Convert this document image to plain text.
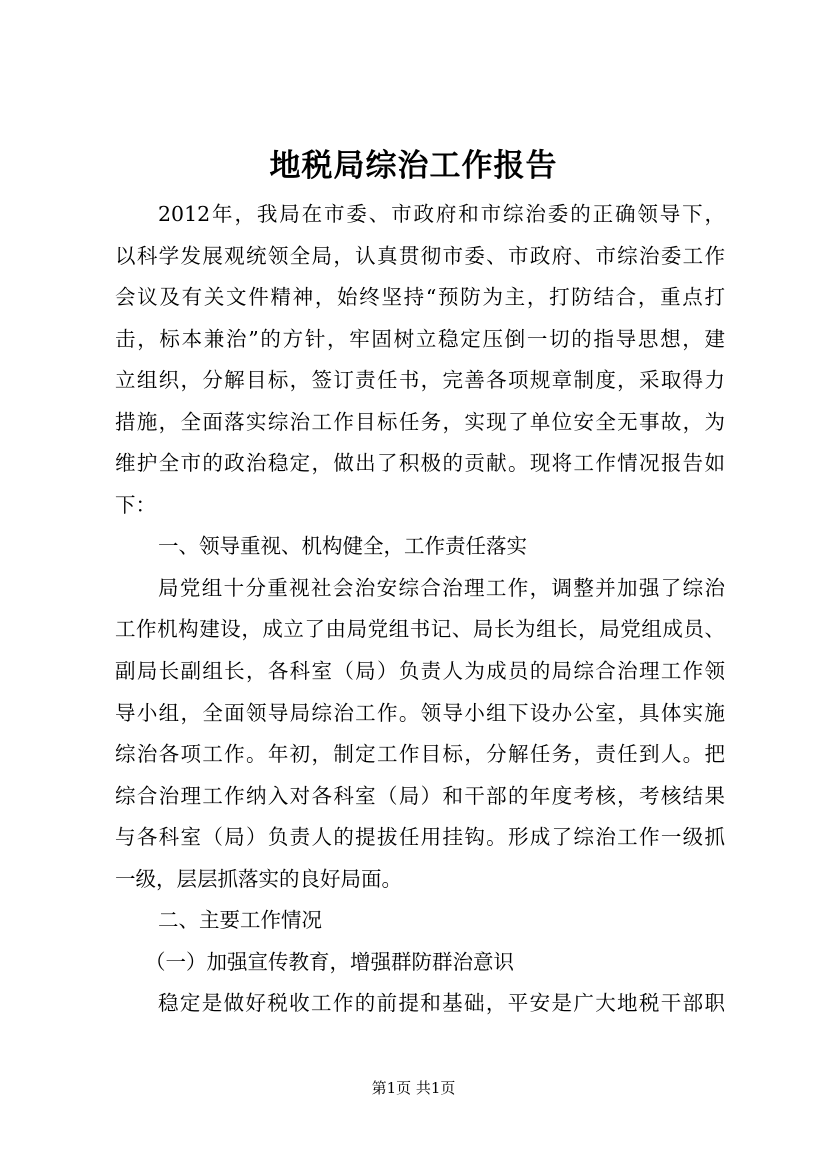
地税局综治工作报告
2012年，我局在市委、市政府和市综治委的正确领导下，
以科学发展观统领全局，认真贯彻市委、市政府、市综治委工作
会议及有关文件精神，始终坚持“预防为主，打防结合，重点打
击，标本兼治”的方针，牢固树立稳定压倒一切的指导思想，建
立组织，分解目标，签订责任书，完善各项规章制度，采取得力
措施，全面落实综治工作目标任务，实现了单位安全无事故，为
维护全市的政治稳定，做出了积极的贡献。现将工作情况报告如
下：
一、领导重视、机构健全，工作责任落实
局党组十分重视社会治安综合治理工作，调整并加强了综治
工作机构建设，成立了由局党组书记、局长为组长，局党组成员、
副局长副组长，各科室（局）负责人为成员的局综合治理工作领
导小组，全面领导局综治工作。领导小组下设办公室，具体实施
综治各项工作。年初，制定工作目标，分解任务，责任到人。把
综合治理工作纳入对各科室（局）和干部的年度考核，考核结果
与各科室（局）负责人的提拔任用挂钩。形成了综治工作一级抓
一级，层层抓落实的良好局面。
二、主要工作情况
（一）加强宣传教育，增强群防群治意识
稳定是做好税收工作的前提和基础，平安是广大地税干部职
第1页 共1页
